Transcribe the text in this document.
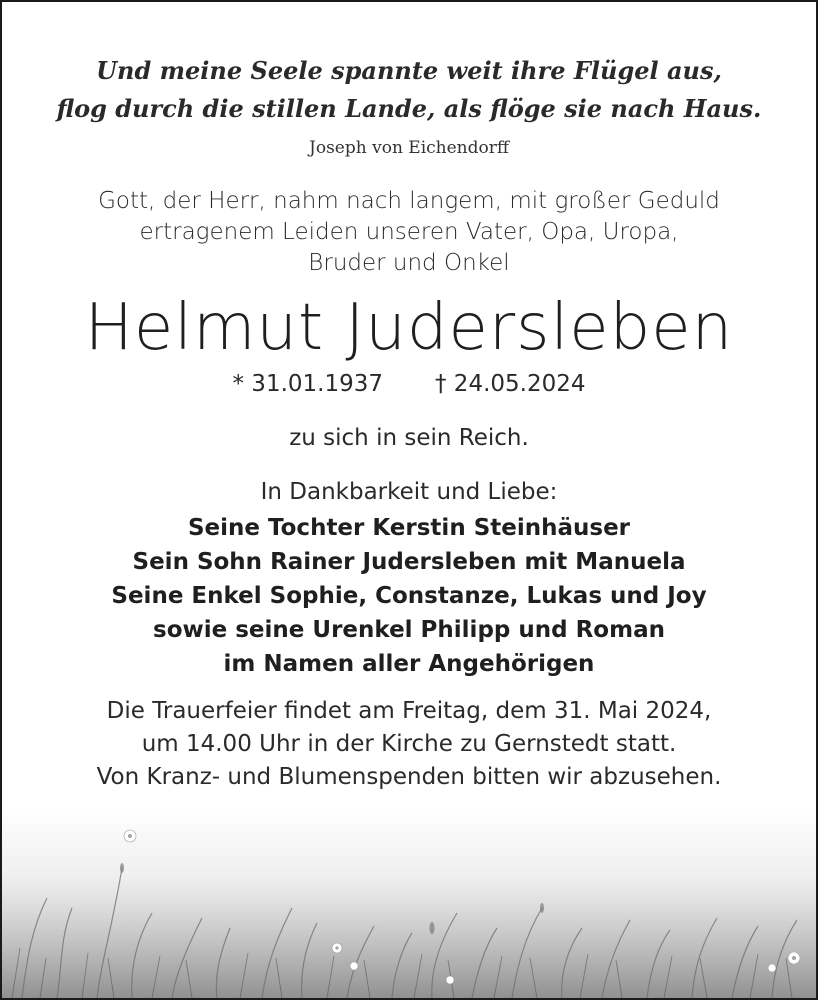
Und meine Seele spannte weit ihre Flügel aus,
flog durch die stillen Lande, als flöge sie nach Haus.

Joseph von Eichendorff

Gott, der Herr, nahm nach langem, mit großer Geduld
ertragenem Leiden unseren Vater, Opa, Uropa,
Bruder und Onkel

Helmut Judersleben

* 31.01.1937 † 24.05.2024

zu sich in sein Reich.

In Dankbarkeit und Liebe:

Seine Tochter Kerstin Steinhäuser
Sein Sohn Rainer Judersleben mit Manuela
Seine Enkel Sophie, Constanze, Lukas und Joy
sowie seine Urenkel Philipp und Roman
im Namen aller Angehörigen

Die Trauerfeier findet am Freitag, dem 31. Mai 2024,
um 14.00 Uhr in der Kirche zu Gernstedt statt.
Von Kranz- und Blumenspenden bitten wir abzusehen.
